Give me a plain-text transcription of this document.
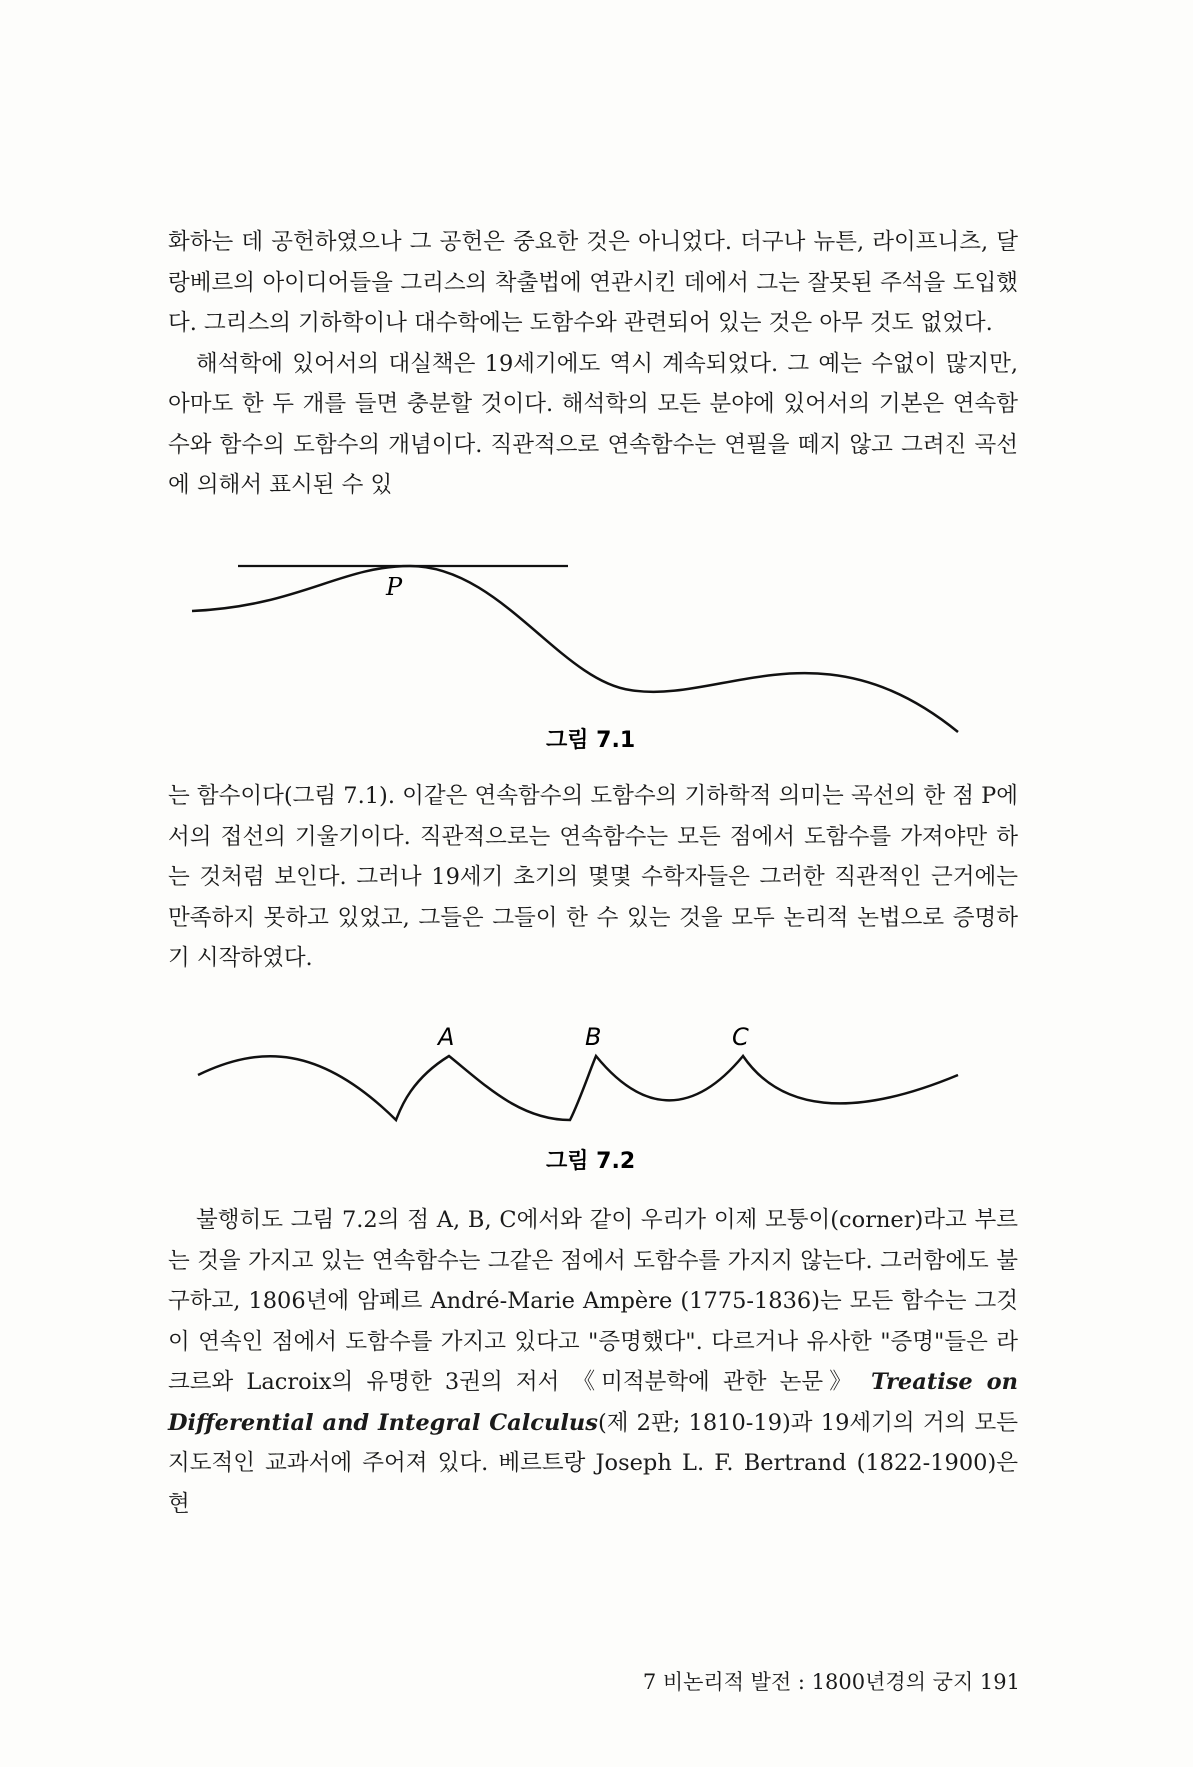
화하는 데 공헌하였으나 그 공헌은 중요한 것은 아니었다. 더구나 뉴튼, 라이프니츠, 달랑베르의 아이디어들을 그리스의 착출법에 연관시킨 데에서 그는 잘못된 주석을 도입했다. 그리스의 기하학이나 대수학에는 도함수와 관련되어 있는 것은 아무 것도 없었다.

해석학에 있어서의 대실책은 19세기에도 역시 계속되었다. 그 예는 수없이 많지만, 아마도 한 두 개를 들면 충분할 것이다. 해석학의 모든 분야에 있어서의 기본은 연속함수와 함수의 도함수의 개념이다. 직관적으로 연속함수는 연필을 떼지 않고 그려진 곡선에 의해서 표시된 수 있

P
그림 7.1
A	B	C
그림 7.2

는 함수이다(그림 7.1). 이같은 연속함수의 도함수의 기하학적 의미는 곡선의 한 점 P에서의 접선의 기울기이다. 직관적으로는 연속함수는 모든 점에서 도함수를 가져야만 하는 것처럼 보인다. 그러나 19세기 초기의 몇몇 수학자들은 그러한 직관적인 근거에는 만족하지 못하고 있었고, 그들은 그들이 한 수 있는 것을 모두 논리적 논법으로 증명하기 시작하였다.

불행히도 그림 7.2의 점 A, B, C에서와 같이 우리가 이제 모퉁이(corner)라고 부르는 것을 가지고 있는 연속함수는 그같은 점에서 도함수를 가지지 않는다. 그러함에도 불구하고, 1806년에 암페르 André-Marie Ampère (1775-1836)는 모든 함수는 그것이 연속인 점에서 도함수를 가지고 있다고 "증명했다". 다르거나 유사한 "증명"들은 라크르와 Lacroix의 유명한 3권의 저서 《미적분학에 관한 논문》 Treatise on Differential and Integral Calculus(제 2판; 1810-19)과 19세기의 거의 모든 지도적인 교과서에 주어져 있다. 베르트랑 Joseph L. F. Bertrand (1822-1900)은 현

7 비논리적 발전 : 1800년경의 궁지 191
